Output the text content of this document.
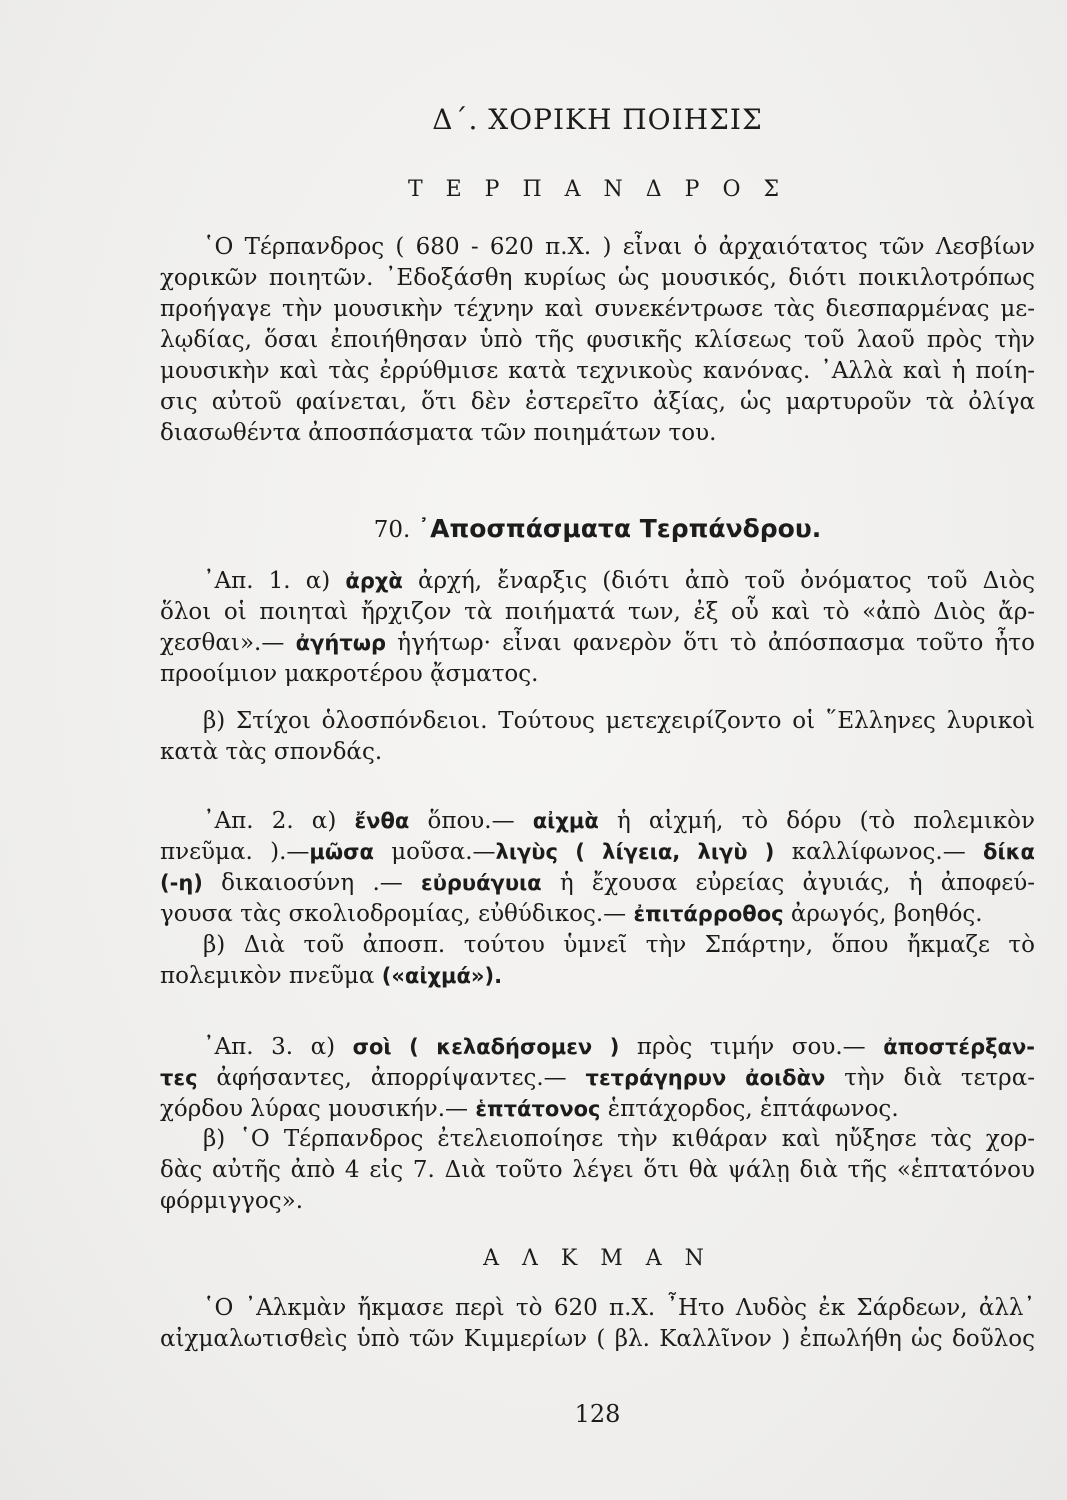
Δ΄. ΧΟΡΙΚΗ ΠΟΙΗΣΙΣ
Τ Ε Ρ Π Α Ν Δ Ρ Ο Σ
῾Ο Τέρπανδρος ( 680 - 620 π.Χ. ) εἶναι ὁ ἀρχαιότατος τῶν Λεσβίων
χορικῶν ποιητῶν. ᾿Εδοξάσθη κυρίως ὡς μουσικός, διότι ποικιλοτρόπως
προήγαγε τὴν μουσικὴν τέχνην καὶ συνεκέντρωσε τὰς διεσπαρμένας με-
λῳδίας, ὅσαι ἐποιήθησαν ὑπὸ τῆς φυσικῆς κλίσεως τοῦ λαοῦ πρὸς τὴν
μουσικὴν καὶ τὰς ἐρρύθμισε κατὰ τεχνικοὺς κανόνας. ᾿Αλλὰ καὶ ἡ ποίη-
σις αὐτοῦ φαίνεται, ὅτι δὲν ἐστερεῖτο ἀξίας, ὡς μαρτυροῦν τὰ ὀλίγα
διασωθέντα ἀποσπάσματα τῶν ποιημάτων του.
70. ᾿Αποσπάσματα Τερπάνδρου.
᾿Απ. 1. α) ἀρχὰ ἀρχή, ἔναρξις (διότι ἀπὸ τοῦ ὀνόματος τοῦ Διὸς
ὅλοι οἱ ποιηταὶ ἤρχιζον τὰ ποιήματά των, ἐξ οὗ καὶ τὸ «ἀπὸ Διὸς ἄρ-
χεσθαι».— ἀγήτωρ ἡγήτωρ· εἶναι φανερὸν ὅτι τὸ ἀπόσπασμα τοῦτο ἦτο
προοίμιον μακροτέρου ᾄσματος.
β) Στίχοι ὁλοσπόνδειοι. Τούτους μετεχειρίζοντο οἱ ῞Ελληνες λυρικοὶ
κατὰ τὰς σπονδάς.
᾿Απ. 2. α) ἔνθα ὅπου.— αἰχμὰ ἡ αἰχμή, τὸ δόρυ (τὸ πολεμικὸν
πνεῦμα. ).—μῶσα μοῦσα.—λιγὺς ( λίγεια, λιγὺ ) καλλίφωνος.— δίκα
(-η) δικαιοσύνη .— εὐρυάγυια ἡ ἔχουσα εὐρείας ἀγυιάς, ἡ ἀποφεύ-
γουσα τὰς σκολιοδρομίας, εὐθύδικος.— ἐπιτάρροθος ἀρωγός, βοηθός.
β) Διὰ τοῦ ἀποσπ. τούτου ὑμνεῖ τὴν Σπάρτην, ὅπου ἤκμαζε τὸ
πολεμικὸν πνεῦμα («αἰχμά»).
᾿Απ. 3. α) σοὶ ( κελαδήσομεν ) πρὸς τιμήν σου.— ἀποστέρξαν-
τες ἀφήσαντες, ἀπορρίψαντες.— τετράγηρυν ἀοιδὰν τὴν διὰ τετρα-
χόρδου λύρας μουσικήν.— ἑπτάτονος ἑπτάχορδος, ἑπτάφωνος.
β) ῾Ο Τέρπανδρος ἐτελειοποίησε τὴν κιθάραν καὶ ηὔξησε τὰς χορ-
δὰς αὐτῆς ἀπὸ 4 εἰς 7. Διὰ τοῦτο λέγει ὅτι θὰ ψάλῃ διὰ τῆς «ἑπτατόνου
φόρμιγγος».
Α Λ Κ Μ Α Ν
῾Ο ᾿Αλκμὰν ἤκμασε περὶ τὸ 620 π.Χ. ῏Ητο Λυδὸς ἐκ Σάρδεων, ἀλλ᾿
αἰχμαλωτισθεὶς ὑπὸ τῶν Κιμμερίων ( βλ. Καλλῖνον ) ἐπωλήθη ὡς δοῦλος
128
